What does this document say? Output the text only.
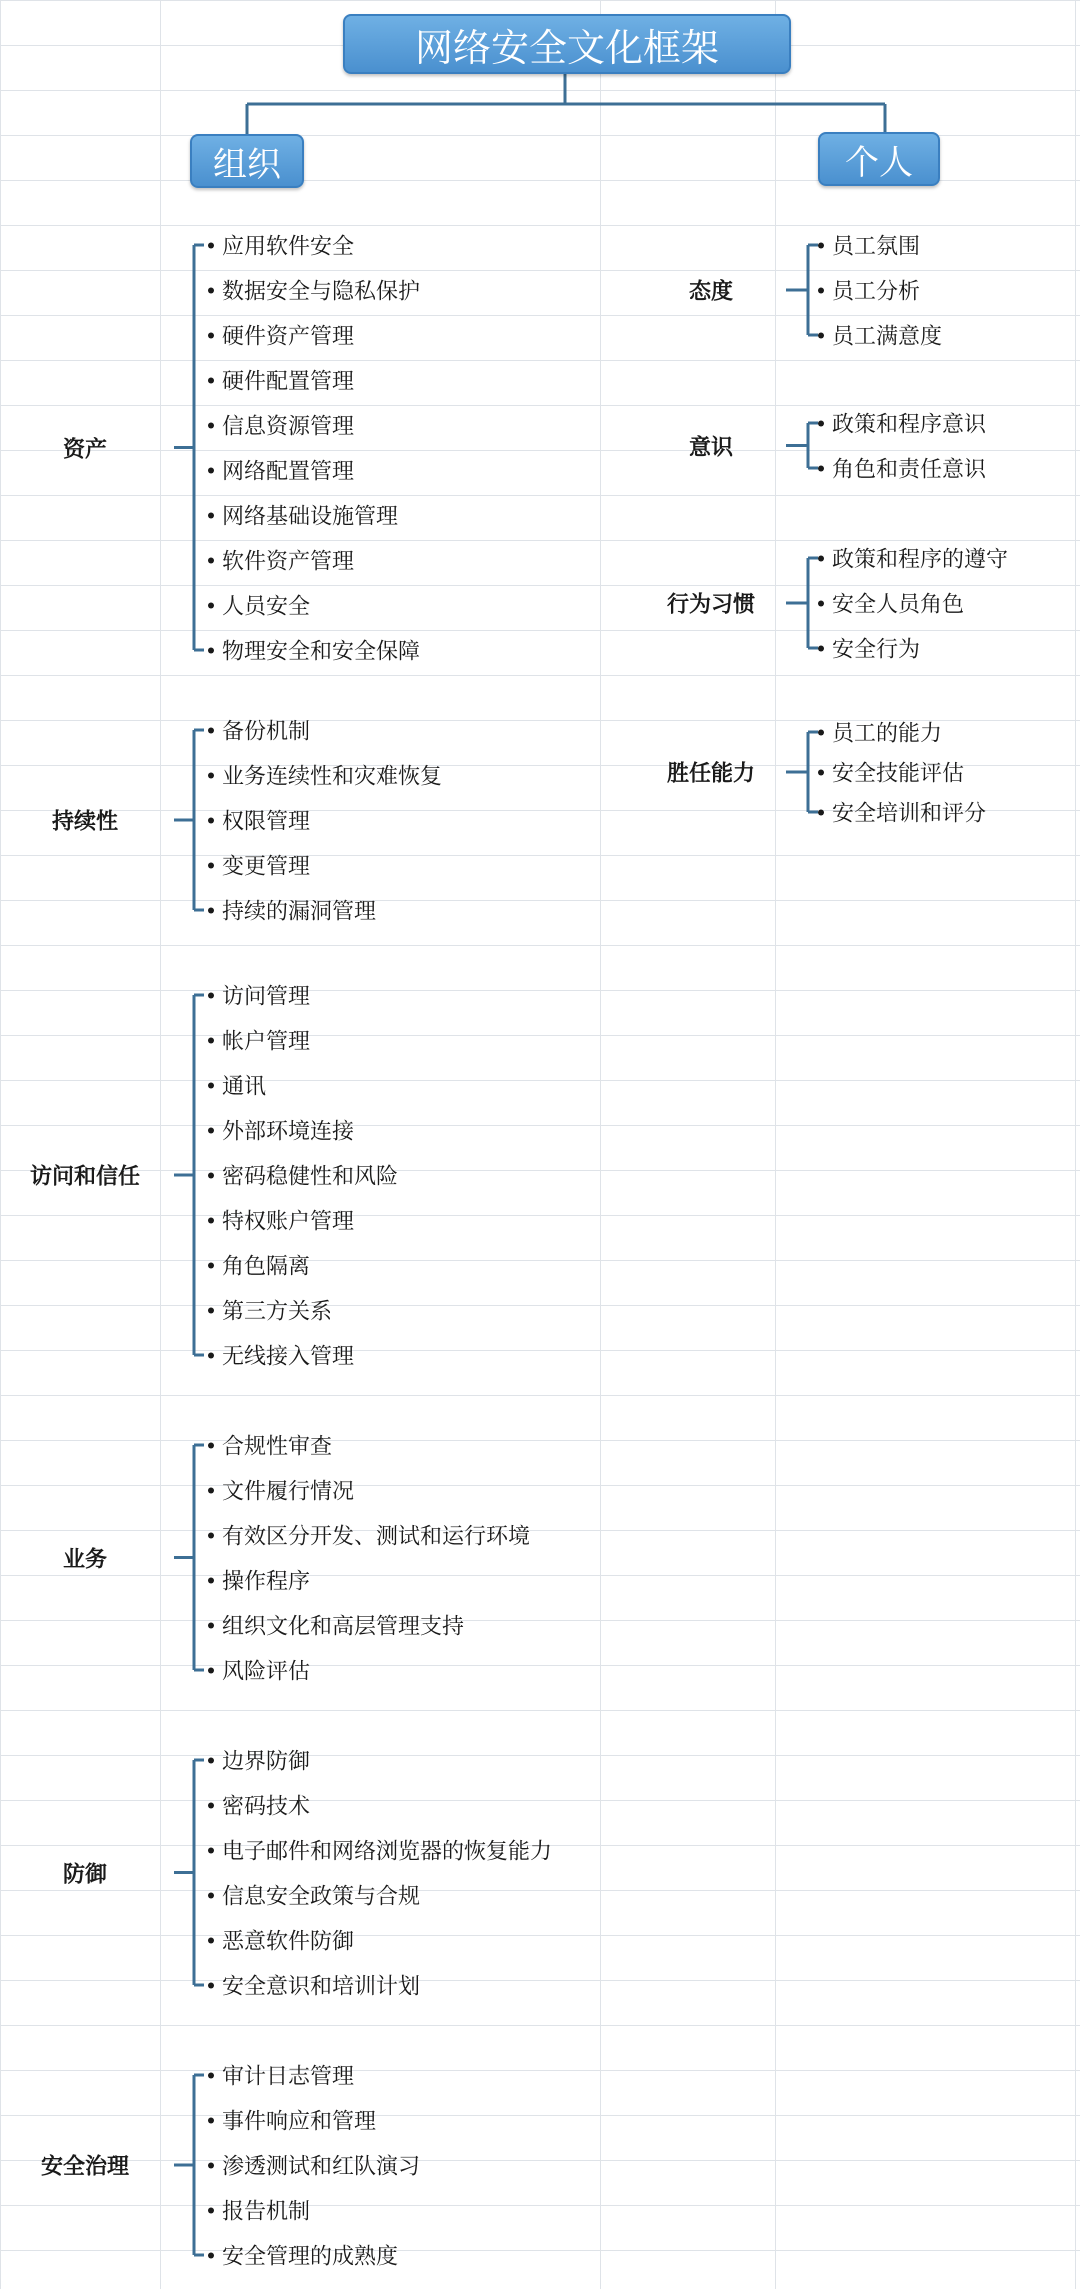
网络安全文化框架
组织	个人
资产
应用软件安全
数据安全与隐私保护
硬件资产管理
硬件配置管理
信息资源管理
网络配置管理
网络基础设施管理
软件资产管理
人员安全
物理安全和安全保障
持续性
备份机制
业务连续性和灾难恢复
权限管理
变更管理
持续的漏洞管理
访问和信任
访问管理
帐户管理
通讯
外部环境连接
密码稳健性和风险
特权账户管理
角色隔离
第三方关系
无线接入管理
业务
合规性审查
文件履行情况
有效区分开发、测试和运行环境
操作程序
组织文化和高层管理支持
风险评估
防御
边界防御
密码技术
电子邮件和网络浏览器的恢复能力
信息安全政策与合规
恶意软件防御
安全意识和培训计划
安全治理
审计日志管理
事件响应和管理
渗透测试和红队演习
报告机制
安全管理的成熟度
态度
员工氛围
员工分析
员工满意度
意识
政策和程序意识
角色和责任意识
行为习惯
政策和程序的遵守
安全人员角色
安全行为
胜任能力
员工的能力
安全技能评估
安全培训和评分
